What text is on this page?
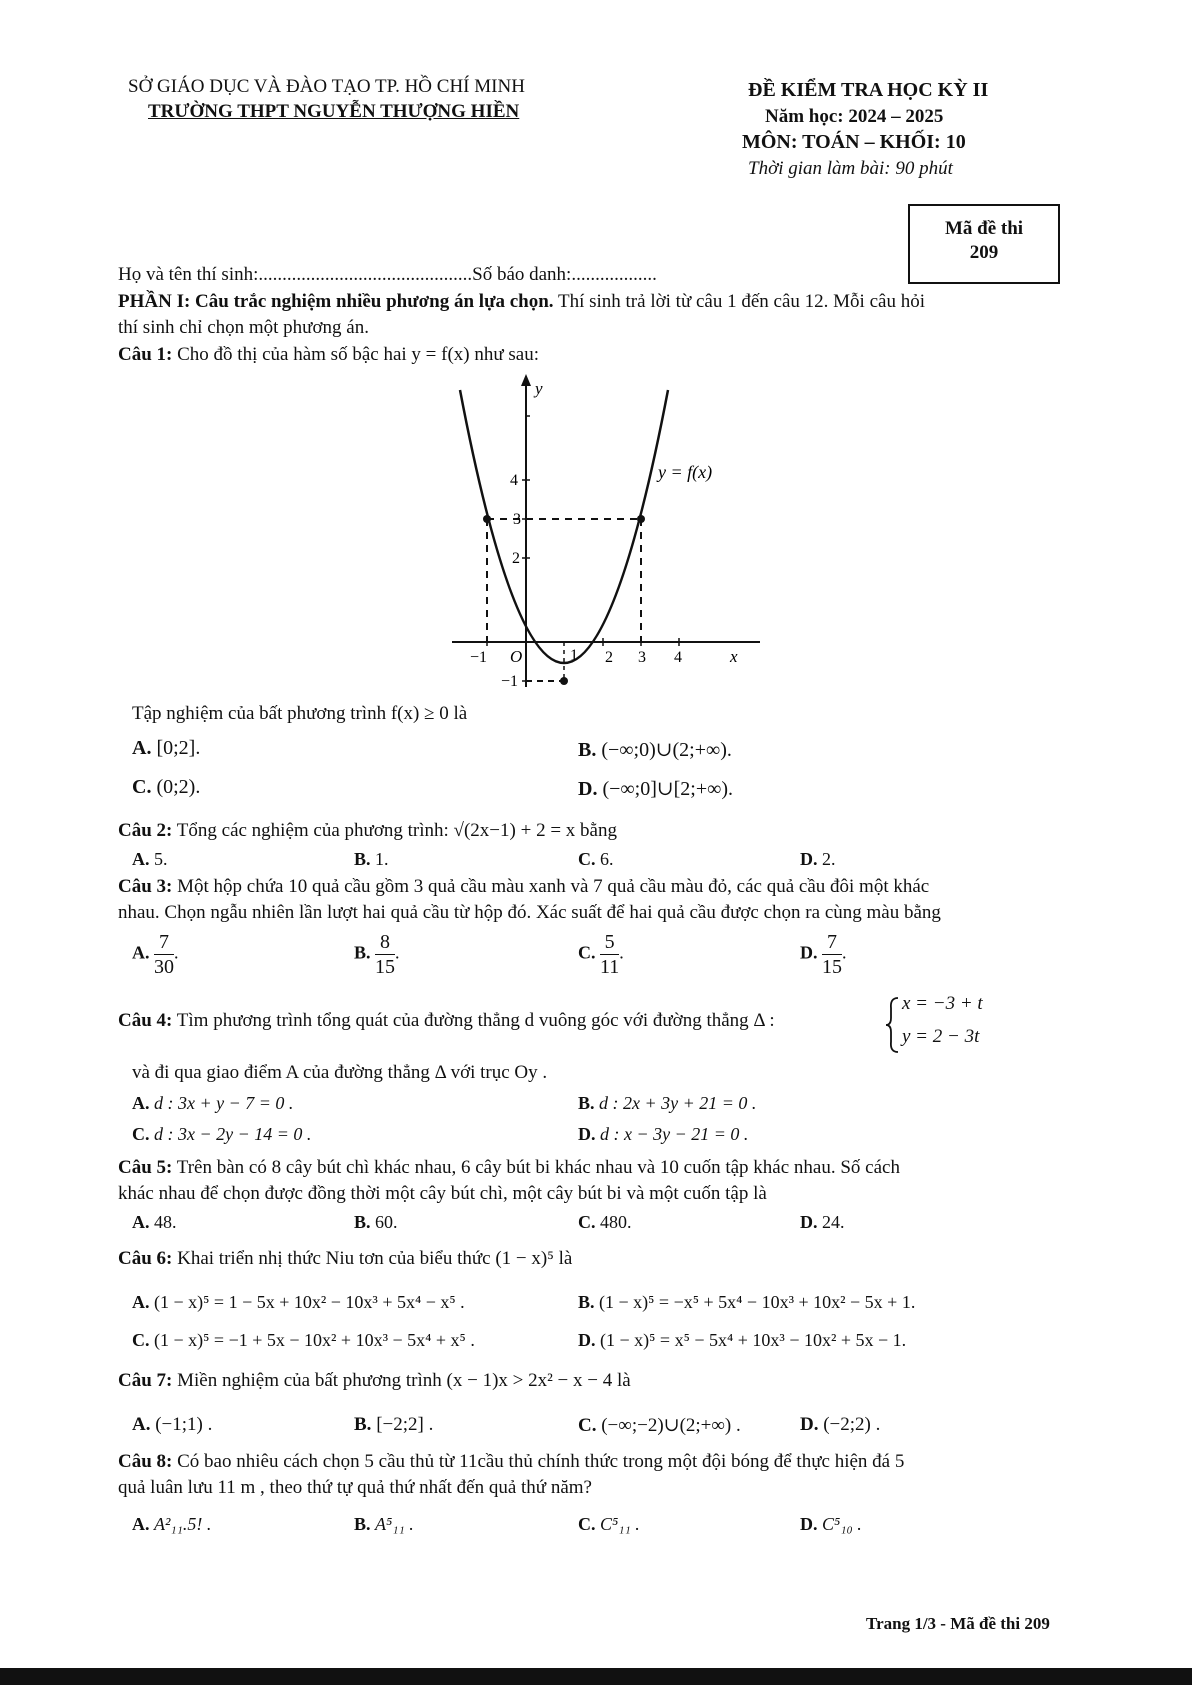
SỞ GIÁO DỤC VÀ ĐÀO TẠO TP. HỒ CHÍ MINH
TRƯỜNG THPT NGUYỄN THƯỢNG HIỀN
ĐỀ KIỂM TRA HỌC KỲ II
Năm học: 2024 – 2025
MÔN: TOÁN – KHỐI: 10
Thời gian làm bài: 90 phút
Mã đề thi
209
Họ và tên thí sinh:.............................................Số báo danh:..................
PHẦN I: Câu trắc nghiệm nhiều phương án lựa chọn. Thí sinh trả lời từ câu 1 đến câu 12. Mỗi câu hỏi
thí sinh chỉ chọn một phương án.
Câu 1: Cho đồ thị của hàm số bậc hai y = f(x) như sau:
y
x
O
y = f(x)
−1	1 2 3 4
4
3
2
−1
Tập nghiệm của bất phương trình f(x) ≥ 0 là
A. [0;2].	B. (−∞;0)∪(2;+∞).
C. (0;2).	D. (−∞;0]∪[2;+∞).
Câu 2: Tổng các nghiệm của phương trình: √(2x−1) + 2 = x bằng
A. 5.	B. 1.	C. 6.	D. 2.
Câu 3: Một hộp chứa 10 quả cầu gồm 3 quả cầu màu xanh và 7 quả cầu màu đỏ, các quả cầu đôi một khác
nhau. Chọn ngẫu nhiên lần lượt hai quả cầu từ hộp đó. Xác suất để hai quả cầu được chọn ra cùng màu bằng
A. $\frac{7}{30}$ .	B. $\frac{8}{15}$ .	C. $\frac{5}{11}$ .	D. $\frac{7}{15}$ .
Câu 4: Tìm phương trình tổng quát của đường thẳng d vuông góc với đường thẳng Δ :
x = −3 + t
y = 2 − 3t
và đi qua giao điểm A của đường thẳng Δ với trục Oy .
A. d : 3x + y − 7 = 0 .	B. d : 2x + 3y + 21 = 0 .
C. d : 3x − 2y − 14 = 0 .	D. d : x − 3y − 21 = 0 .
Câu 5: Trên bàn có 8 cây bút chì khác nhau, 6 cây bút bi khác nhau và 10 cuốn tập khác nhau. Số cách
khác nhau để chọn được đồng thời một cây bút chì, một cây bút bi và một cuốn tập là
A. 48.	B. 60.	C. 480.	D. 24.
Câu 6: Khai triển nhị thức Niu tơn của biểu thức (1 − x)⁵ là
A. (1 − x)⁵ = 1 − 5x + 10x² − 10x³ + 5x⁴ − x⁵ .	B. (1 − x)⁵ = −x⁵ + 5x⁴ − 10x³ + 10x² − 5x + 1.
C. (1 − x)⁵ = −1 + 5x − 10x² + 10x³ − 5x⁴ + x⁵ .	D. (1 − x)⁵ = x⁵ − 5x⁴ + 10x³ − 10x² + 5x − 1.
Câu 7: Miền nghiệm của bất phương trình (x − 1)x > 2x² − x − 4 là
A. (−1;1) .	B. [−2;2] .	C. (−∞;−2)∪(2;+∞) .	D. (−2;2) .
Câu 8: Có bao nhiêu cách chọn 5 cầu thủ từ 11cầu thủ chính thức trong một đội bóng để thực hiện đá 5
quả luân lưu 11 m , theo thứ tự quả thứ nhất đến quả thứ năm?
A. A²₁₁.5! .	B. A⁵₁₁ .	C. C⁵₁₁ .	D. C⁵₁₀ .
Trang 1/3 - Mã đề thi 209
